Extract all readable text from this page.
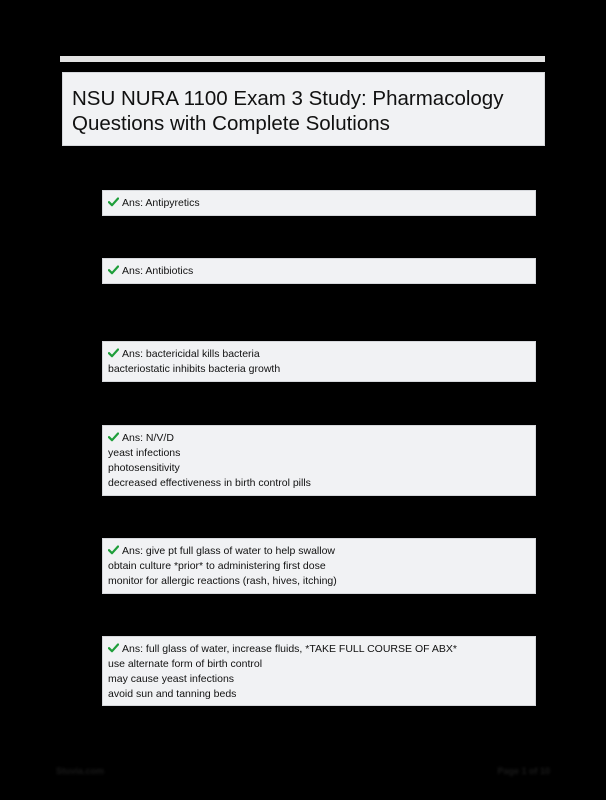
NSU NURA 1100 Exam 3 Study: Pharmacology Questions with Complete Solutions
Ans: Antipyretics
Ans: Antibiotics
Ans: bactericidal kills bacteria
bacteriostatic inhibits bacteria growth
Ans: N/V/D
yeast infections
photosensitivity
decreased effectiveness in birth control pills
Ans: give pt full glass of water to help swallow
obtain culture *prior* to administering first dose
monitor for allergic reactions (rash, hives, itching)
Ans: full glass of water, increase fluids, *TAKE FULL COURSE OF ABX*
use alternate form of birth control
may cause yeast infections
avoid sun and tanning beds
Stuvia.com	Page 1 of 10
